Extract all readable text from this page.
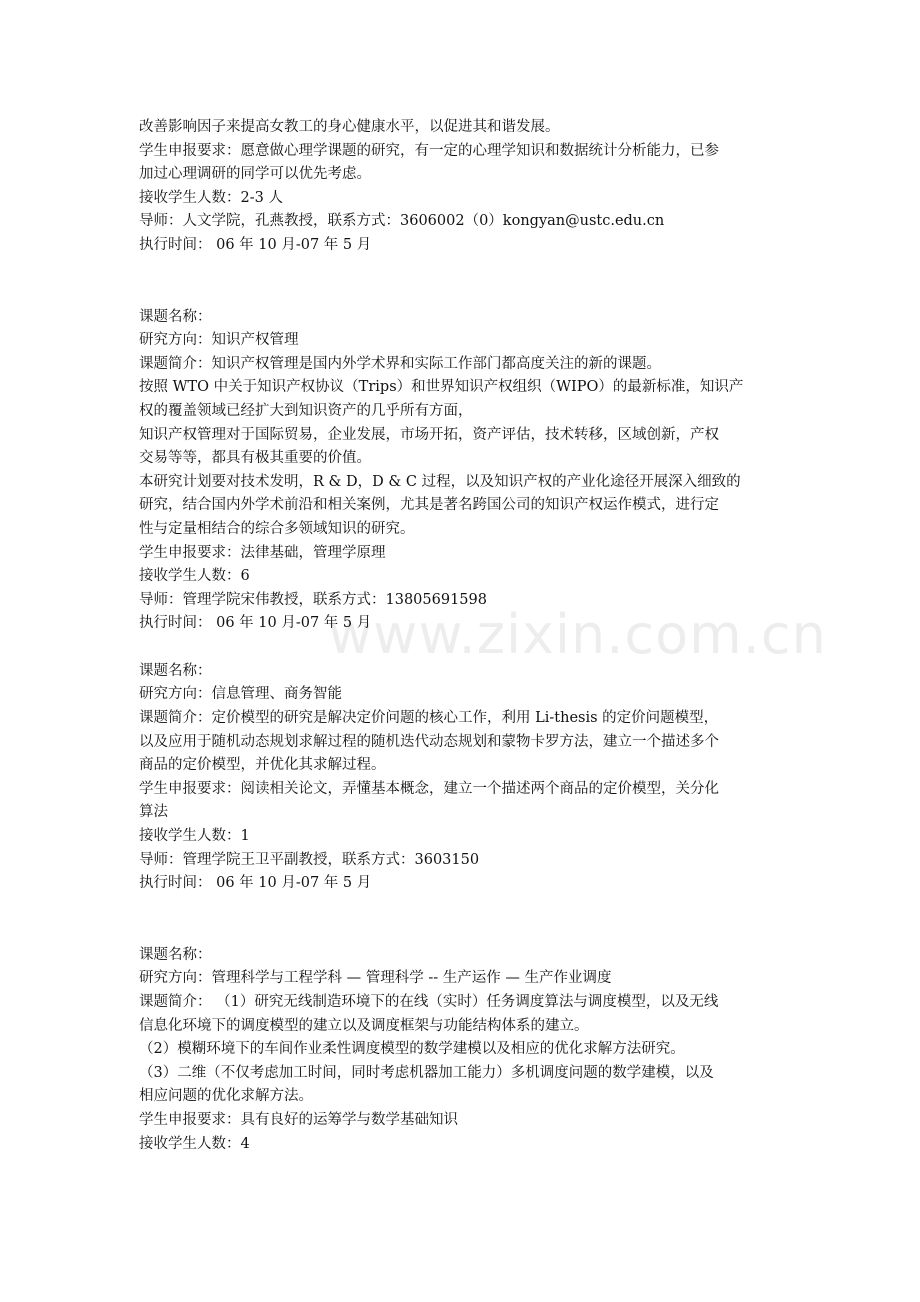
www.zixin.com.cn

改善影响因子来提高女教工的身心健康水平，以促进其和谐发展。

学生申报要求：愿意做心理学课题的研究，有一定的心理学知识和数据统计分析能力，已参

加过心理调研的同学可以优先考虑。

接收学生人数：2-3 人

导师：人文学院，孔燕教授，联系方式：3606002（0）kongyan@ustc.edu.cn

执行时间： 06 年 10 月-07 年 5 月

课题名称：

研究方向：知识产权管理

课题简介：知识产权管理是国内外学术界和实际工作部门都高度关注的新的课题。

按照 WTO 中关于知识产权协议（Trips）和世界知识产权组织（WIPO）的最新标准，知识产

权的覆盖领域已经扩大到知识资产的几乎所有方面，

知识产权管理对于国际贸易，企业发展，市场开拓，资产评估，技术转移，区域创新，产权

交易等等，都具有极其重要的价值。

本研究计划要对技术发明，R & D，D & C 过程，以及知识产权的产业化途径开展深入细致的

研究，结合国内外学术前沿和相关案例，尤其是著名跨国公司的知识产权运作模式，进行定

性与定量相结合的综合多领域知识的研究。

学生申报要求：法律基础，管理学原理

接收学生人数：6

导师：管理学院宋伟教授，联系方式：13805691598

执行时间： 06 年 10 月-07 年 5 月

课题名称：

研究方向：信息管理、商务智能

课题简介：定价模型的研究是解决定价问题的核心工作，利用 Li-thesis 的定价问题模型，

以及应用于随机动态规划求解过程的随机迭代动态规划和蒙物卡罗方法，建立一个描述多个

商品的定价模型，并优化其求解过程。

学生申报要求：阅读相关论文，弄懂基本概念，建立一个描述两个商品的定价模型，关分化

算法

接收学生人数：1

导师：管理学院王卫平副教授，联系方式：3603150

执行时间： 06 年 10 月-07 年 5 月

课题名称：

研究方向：管理科学与工程学科 — 管理科学 -- 生产运作 — 生产作业调度

课题简介： （1）研究无线制造环境下的在线（实时）任务调度算法与调度模型，以及无线

信息化环境下的调度模型的建立以及调度框架与功能结构体系的建立。

（2）模糊环境下的车间作业柔性调度模型的数学建模以及相应的优化求解方法研究。

（3）二维（不仅考虑加工时间，同时考虑机器加工能力）多机调度问题的数学建模，以及

相应问题的优化求解方法。

学生申报要求：具有良好的运筹学与数学基础知识

接收学生人数：4
